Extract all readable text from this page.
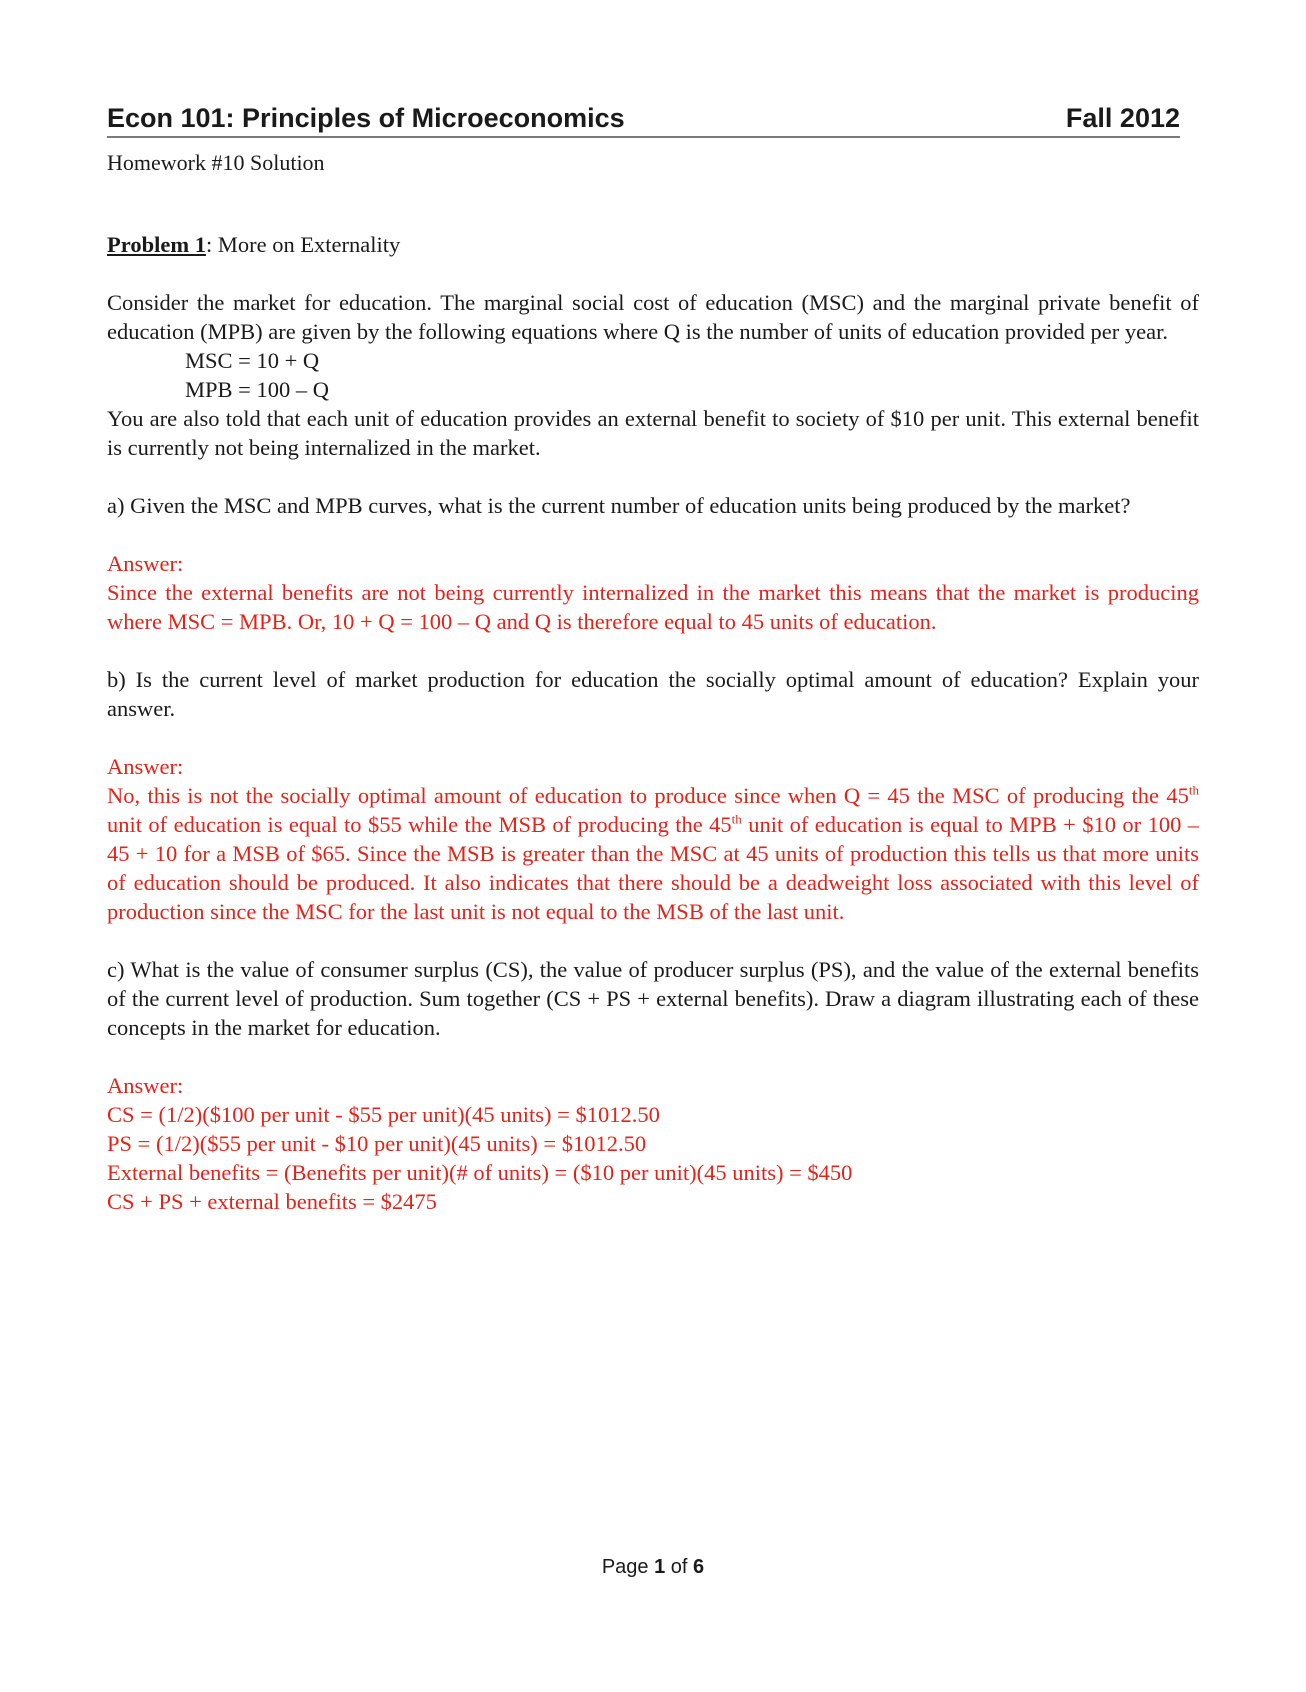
Econ 101: Principles of Microeconomics	Fall 2012
Homework #10 Solution

Problem 1: More on Externality

Consider the market for education. The marginal social cost of education (MSC) and the marginal private benefit of education (MPB) are given by the following equations where Q is the number of units of education provided per year.

MSC = 10 + Q

MPB = 100 – Q

You are also told that each unit of education provides an external benefit to society of $10 per unit. This external benefit is currently not being internalized in the market.

a) Given the MSC and MPB curves, what is the current number of education units being produced by the market?

Answer:

Since the external benefits are not being currently internalized in the market this means that the market is producing where MSC = MPB. Or, 10 + Q = 100 – Q and Q is therefore equal to 45 units of education.

b) Is the current level of market production for education the socially optimal amount of education? Explain your answer.

Answer:

No, this is not the socially optimal amount of education to produce since when Q = 45 the MSC of producing the 45th unit of education is equal to $55 while the MSB of producing the 45th unit of education is equal to MPB + $10 or 100 – 45 + 10 for a MSB of $65. Since the MSB is greater than the MSC at 45 units of production this tells us that more units of education should be produced. It also indicates that there should be a deadweight loss associated with this level of production since the MSC for the last unit is not equal to the MSB of the last unit.

c) What is the value of consumer surplus (CS), the value of producer surplus (PS), and the value of the external benefits of the current level of production. Sum together (CS + PS + external benefits). Draw a diagram illustrating each of these concepts in the market for education.

Answer:

CS = (1/2)($100 per unit - $55 per unit)(45 units) = $1012.50

PS = (1/2)($55 per unit - $10 per unit)(45 units) = $1012.50

External benefits = (Benefits per unit)(# of units) = ($10 per unit)(45 units) = $450

CS + PS + external benefits = $2475

Page 1 of 6
